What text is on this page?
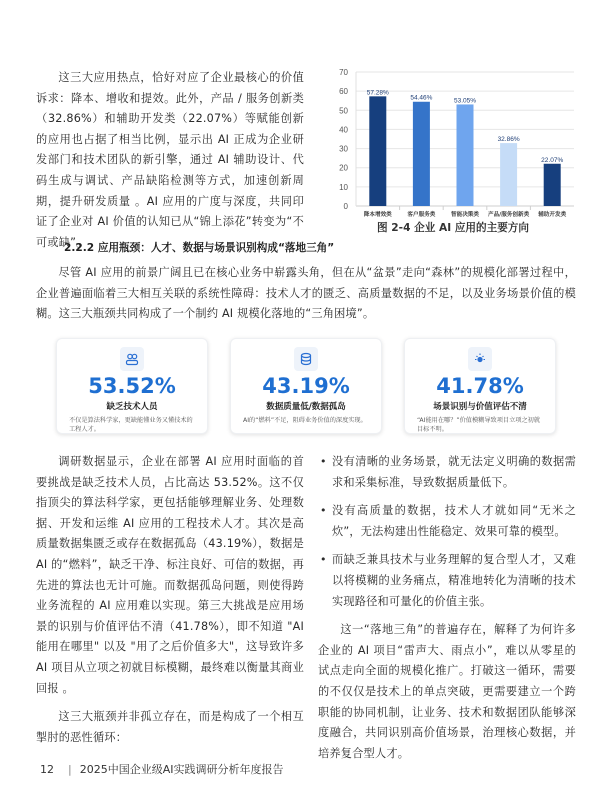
这三大应用热点，恰好对应了企业最核心的价值诉求：降本、增收和提效。此外，产品 / 服务创新类（32.86%）和辅助开发类（22.07%）等赋能创新的应用也占据了相当比例，显示出 AI 正成为企业研发部门和技术团队的新引擎，通过 AI 辅助设计、代码生成与调试、产品缺陷检测等方式，加速创新周期，提升研发质量 。AI 应用的广度与深度，共同印证了企业对 AI 价值的认知已从“锦上添花”转变为“不可或缺”。

0
10
20
30
40
50
60
70
57.28%
降本增效类
54.46%
客户服务类
53.05%
智能决策类
32.86%
产品/服务创新类
22.07%
辅助开发类
图 2-4 企业 AI 应用的主要方向
2.2.2 应用瓶颈：人才、数据与场景识别构成“落地三角”

尽管 AI 应用的前景广阔且已在核心业务中崭露头角，但在从“盆景”走向“森林”的规模化部署过程中，企业普遍面临着三大相互关联的系统性障碍：技术人才的匮乏、高质量数据的不足，以及业务场景价值的模糊。这三大瓶颈共同构成了一个制约 AI 规模化落地的“三角困境”。

53.52%
缺乏技术人员
不仅是算法科学家，更缺能懂业务又懂技术的工程人才。
43.19%
数据质量低/数据孤岛
AI的“燃料”不足，阻碍业务价值的深度实现。
41.78%
场景识别与价值评估不清
“AI能用在哪？”价值模糊导致项目立项之初就目标不明。

调研数据显示，企业在部署 AI 应用时面临的首要挑战是缺乏技术人员，占比高达 53.52%。这不仅指顶尖的算法科学家，更包括能够理解业务、处理数据、开发和运维 AI 应用的工程技术人才。其次是高质量数据集匮乏或存在数据孤岛（43.19%），数据是 AI 的“燃料”，缺乏干净、标注良好、可信的数据，再先进的算法也无计可施。而数据孤岛问题，则使得跨业务流程的 AI 应用难以实现。第三大挑战是应用场景的识别与价值评估不清（41.78%），即不知道 "AI 能用在哪里" 以及 "用了之后价值多大"，这导致许多 AI 项目从立项之初就目标模糊，最终难以衡量其商业回报 。

这三大瓶颈并非孤立存在，而是构成了一个相互掣肘的恶性循环：

• 没有清晰的业务场景，就无法定义明确的数据需求和采集标准，导致数据质量低下。
• 没有高质量的数据，技术人才就如同“无米之炊”，无法构建出性能稳定、效果可靠的模型。
• 而缺乏兼具技术与业务理解的复合型人才，又难以将模糊的业务痛点，精准地转化为清晰的技术实现路径和可量化的价值主张。

这一“落地三角”的普遍存在，解释了为何许多企业的 AI 项目“雷声大、雨点小”，难以从零星的试点走向全面的规模化推广。打破这一循环，需要的不仅仅是技术上的单点突破，更需要建立一个跨职能的协同机制，让业务、技术和数据团队能够深度融合，共同识别高价值场景，治理核心数据，并培养复合型人才。

12 | 2025中国企业级AI实践调研分析年度报告
